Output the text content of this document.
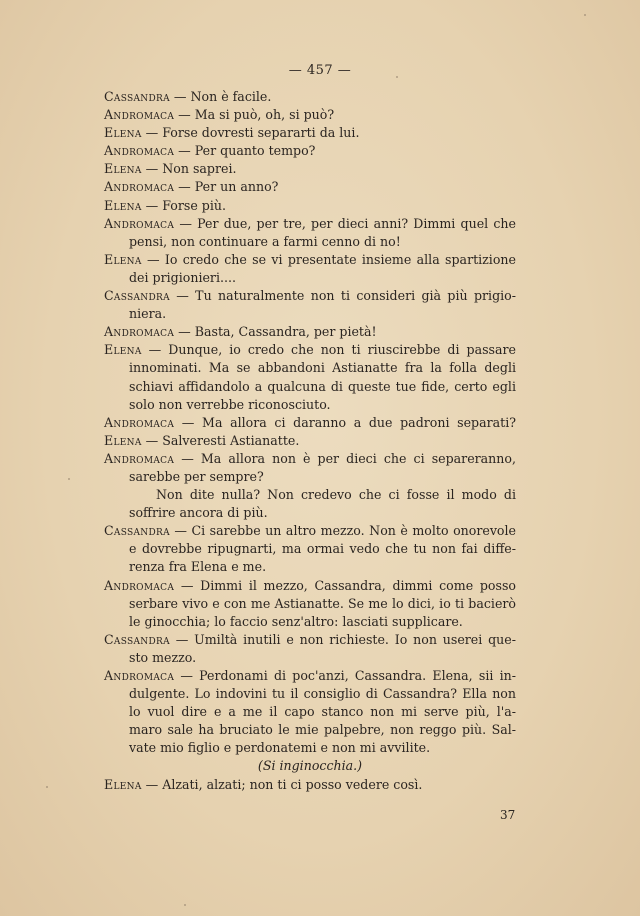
— 457 —
Cassandra — Non è facile.
Andromaca — Ma si può, oh, si può?
Elena — Forse dovresti separarti da lui.
Andromaca — Per quanto tempo?
Elena — Non saprei.
Andromaca — Per un anno?
Elena — Forse più.
Andromaca — Per due, per tre, per dieci anni? Dimmi quel che
pensi, non continuare a farmi cenno di no!
Elena — Io credo che se vi presentate insieme alla spartizione
dei prigionieri....
Cassandra — Tu naturalmente non ti consideri già più prigio-
niera.
Andromaca — Basta, Cassandra, per pietà!
Elena — Dunque, io credo che non ti riuscirebbe di passare
innominati. Ma se abbandoni Astianatte fra la folla degli
schiavi affidandolo a qualcuna di queste tue fide, certo egli
solo non verrebbe riconosciuto.
Andromaca — Ma allora ci daranno a due padroni separati?
Elena — Salveresti Astianatte.
Andromaca — Ma allora non è per dieci che ci separeranno,
sarebbe per sempre?
Non dite nulla? Non credevo che ci fosse il modo di
soffrire ancora di più.
Cassandra — Ci sarebbe un altro mezzo. Non è molto onorevole
e dovrebbe ripugnarti, ma ormai vedo che tu non fai diffe-
renza fra Elena e me.
Andromaca — Dimmi il mezzo, Cassandra, dimmi come posso
serbare vivo e con me Astianatte. Se me lo dici, io ti bacierò
le ginocchia; lo faccio senz'altro: lasciati supplicare.
Cassandra — Umiltà inutili e non richieste. Io non userei que-
sto mezzo.
Andromaca — Perdonami di poc'anzi, Cassandra. Elena, sii in-
dulgente. Lo indovini tu il consiglio di Cassandra? Ella non
lo vuol dire e a me il capo stanco non mi serve più, l'a-
maro sale ha bruciato le mie palpebre, non reggo più. Sal-
vate mio figlio e perdonatemi e non mi avvilite.
(Si inginocchia.)
Elena — Alzati, alzati; non ti ci posso vedere così.
37
